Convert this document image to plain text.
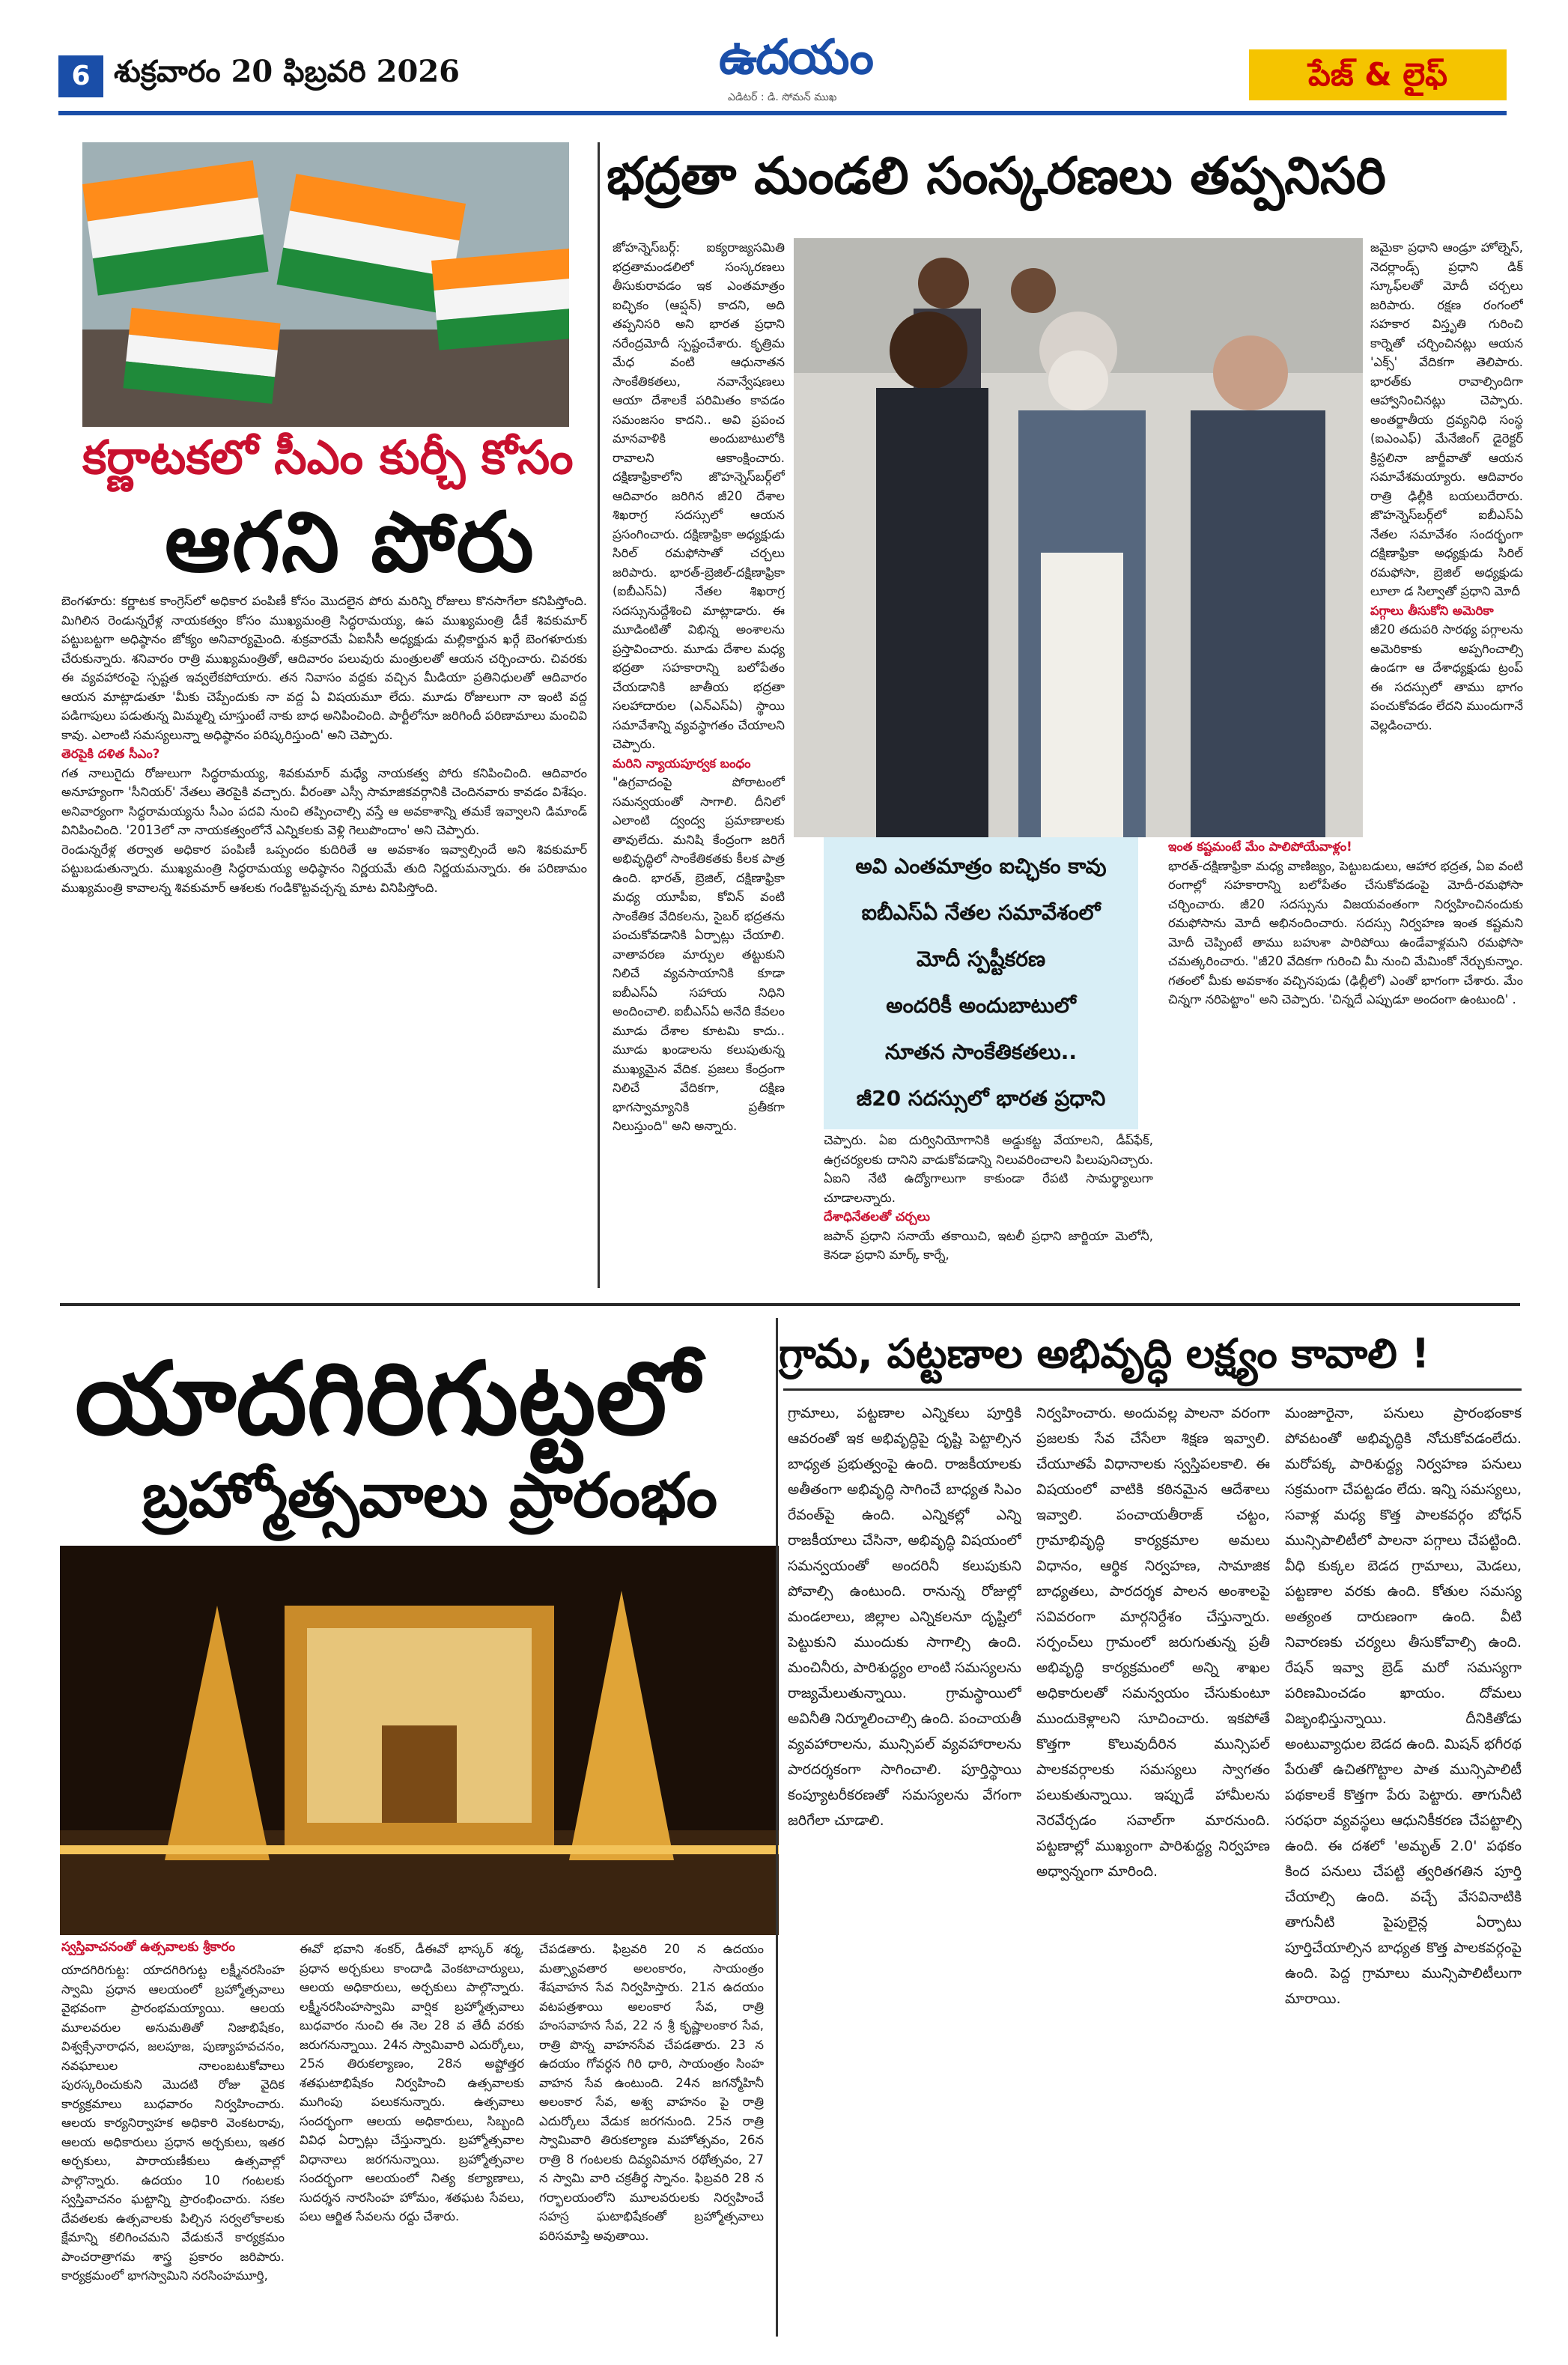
6 శుక్రవారం 20 ఫిబ్రవరి 2026	ఉదయం
ఎడిటర్ : డి. సోమన్ ముఖ
పేజ్ & లైఫ్
కర్ణాటకలో సీఎం కుర్చీ కోసం
ఆగని పోరు
బెంగళూరు: కర్ణాటక కాంగ్రెస్‌లో అధికార పంపిణీ కోసం మొదలైన పోరు మరిన్ని రోజులు కొనసాగేలా కనిపిస్తోంది. మిగిలిన రెండున్నరేళ్ల నాయకత్వం కోసం ముఖ్యమంత్రి సిద్ధరామయ్య, ఉప ముఖ్యమంత్రి డీకే శివకుమార్ పట్టుబట్టగా అధిష్ఠానం జోక్యం అనివార్యమైంది. శుక్రవారమే ఏఐసీసీ అధ్యక్షుడు మల్లికార్జున ఖర్గే బెంగళూరుకు చేరుకున్నారు. శనివారం రాత్రి ముఖ్యమంత్రితో, ఆదివారం పలువురు మంత్రులతో ఆయన చర్చించారు. చివరకు ఈ వ్యవహారంపై స్పష్టత ఇవ్వలేకపోయారు. తన నివాసం వద్దకు వచ్చిన మీడియా ప్రతినిధులతో ఆదివారం ఆయన మాట్లాడుతూ 'మీకు చెప్పేందుకు నా వద్ద ఏ విషయమూ లేదు. మూడు రోజులుగా నా ఇంటి వద్ద పడిగాపులు పడుతున్న మిమ్మల్ని చూస్తుంటే నాకు బాధ అనిపించింది. పార్టీలోనూ జరిగిందీ పరిణామాలు మంచివి కావు. ఎలాంటి సమస్యలున్నా అధిష్ఠానం పరిష్కరిస్తుంది' అని చెప్పారు.
తెరపైకి దళిత సీఎం?
గత నాలుగైదు రోజులుగా సిద్ధరామయ్య, శివకుమార్ మధ్యే నాయకత్వ పోరు కనిపించింది. ఆదివారం అనూహ్యంగా 'సీనియర్' నేతలు తెరపైకి వచ్చారు. వీరంతా ఎస్సీ సామాజికవర్గానికి చెందినవారు కావడం విశేషం. అనివార్యంగా సిద్ధరామయ్యను సీఎం పదవి నుంచి తప్పించాల్సి వస్తే ఆ అవకాశాన్ని తమకే ఇవ్వాలని డిమాండ్ వినిపించింది. '2013లో నా నాయకత్వంలోనే ఎన్నికలకు వెళ్లి గెలుపొందాం' అని చెప్పారు.
రెండున్నరేళ్ల తర్వాత అధికార పంపిణీ ఒప్పందం కుదిరితే ఆ అవకాశం ఇవ్వాల్సిందే అని శివకుమార్ పట్టుబడుతున్నారు. ముఖ్యమంత్రి సిద్ధరామయ్య అధిష్ఠానం నిర్ణయమే తుది నిర్ణయమన్నారు. ఈ పరిణామం ముఖ్యమంత్రి కావాలన్న శివకుమార్ ఆశలకు గండికొట్టవచ్చన్న మాట వినిపిస్తోంది.
భద్రతా మండలి సంస్కరణలు తప్పనిసరి
జోహన్నెస్‌బర్గ్: ఐక్యరాజ్యసమితి భద్రతామండలిలో సంస్కరణలు తీసుకురావడం ఇక ఎంతమాత్రం ఐచ్ఛికం (ఆప్షన్) కాదని, అది తప్పనిసరి అని భారత ప్రధాని నరేంద్రమోదీ స్పష్టంచేశారు. కృత్రిమ మేధ వంటి ఆధునాతన సాంకేతికతలు, నవాన్వేషణలు ఆయా దేశాలకే పరిమితం కావడం సమంజసం కాదని.. అవి ప్రపంచ మానవాళికి అందుబాటులోకి రావాలని ఆకాంక్షించారు. దక్షిణాఫ్రికాలోని జొహన్నెస్‌బర్గ్‌లో ఆదివారం జరిగిన జీ20 దేశాల శిఖరాగ్ర సదస్సులో ఆయన ప్రసంగించారు. దక్షిణాఫ్రికా అధ్యక్షుడు సిరిల్ రమఫోసాతో చర్చలు జరిపారు. భారత్-బ్రెజిల్-దక్షిణాఫ్రికా (ఐబీఎస్ఏ) నేతల శిఖరాగ్ర సదస్సునుద్దేశించి మాట్లాడారు. ఈ మూడింటితో విభిన్న అంశాలను ప్రస్తావించారు. మూడు దేశాల మధ్య భద్రతా సహకారాన్ని బలోపేతం చేయడానికి జాతీయ భద్రతా సలహాదారుల (ఎన్ఎస్ఏ) స్థాయి సమావేశాన్ని వ్యవస్థాగతం చేయాలని చెప్పారు.
మరిని న్యాయపూర్వక బంధం
"ఉగ్రవాదంపై పోరాటంలో సమన్వయంతో సాగాలి. దీనిలో ఎలాంటి ద్వంద్వ ప్రమాణాలకు తావులేదు. మనిషి కేంద్రంగా జరిగే అభివృద్ధిలో సాంకేతికతకు కీలక పాత్ర ఉంది. భారత్, బ్రెజిల్, దక్షిణాఫ్రికా మధ్య యూపీఐ, కోవిన్ వంటి సాంకేతిక వేదికలను, సైబర్ భద్రతను పంచుకోవడానికి ఏర్పాట్లు చేయాలి. వాతావరణ మార్పుల తట్టుకుని నిలిచే వ్యవసాయానికి కూడా ఐబీఎస్ఏ సహాయ నిధిని అందించాలి. ఐబీఎస్ఏ అనేది కేవలం మూడు దేశాల కూటమి కాదు.. మూడు ఖండాలను కలుపుతున్న ముఖ్యమైన వేదిక. ప్రజలు కేంద్రంగా నిలిచే వేదికగా, దక్షిణ భాగస్వామ్యానికి ప్రతీకగా నిలుస్తుంది" అని అన్నారు.
ఇంత కష్టమంటే మేం పాలిపోయేవాళ్లం!
భారత్-దక్షిణాఫ్రికా మధ్య వాణిజ్యం, పెట్టుబడులు, ఆహార భద్రత, ఏఐ వంటి రంగాల్లో సహకారాన్ని బలోపేతం చేసుకోవడంపై మోదీ-రమఫోసా చర్చించారు. జీ20 సదస్సును విజయవంతంగా నిర్వహించినందుకు రమఫోసాను మోదీ అభినందించారు. సదస్సు నిర్వహణ ఇంత కష్టమని మోదీ చెప్పింటే తాము బహుశా పారిపోయి ఉండేవాళ్లమని రమఫోసా చమత్కరించారు. "జీ20 వేదికగా గురించి మీ నుంచి మేమింకో నేర్చుకున్నాం. గతంలో మీకు అవకాశం వచ్చినపుడు (ఢిల్లీలో) ఎంతో భాగంగా చేశారు. మేం చిన్నగా నరిపెట్టాం" అని చెప్పారు. 'చిన్నదే ఎప్పుడూ అందంగా ఉంటుంది' .
జమైకా ప్రధాని ఆండ్రూ హోల్నెస్, నెదర్లాండ్స్ ప్రధాని డిక్ స్కూఫ్‌లతో మోదీ చర్చలు జరిపారు. రక్షణ రంగంలో సహకార విస్తృతి గురించి కార్నెతో చర్చించినట్లు ఆయన 'ఎక్స్' వేదికగా తెలిపారు. భారత్‌కు రావాల్సిందిగా ఆహ్వానించినట్లు చెప్పారు. అంతర్జాతీయ ద్రవ్యనిధి సంస్థ (ఐఎంఎఫ్) మేనేజింగ్ డైరెక్టర్ క్రిస్టలినా జార్జీవాతో ఆయన సమావేశమయ్యారు. ఆదివారం రాత్రి ఢిల్లీకి బయలుదేరారు. జొహన్నెస్‌బర్గ్‌లో ఐబీఎస్ఏ నేతల సమావేశం సందర్భంగా దక్షిణాఫ్రికా అధ్యక్షుడు సిరిల్ రమఫోసా, బ్రెజిల్ అధ్యక్షుడు లూలా డ సిల్వాతో ప్రధాని మోదీ
పగ్గాలు తీసుకోని అమెరికా
జీ20 తదుపరి సారథ్య పగ్గాలను అమెరికాకు అప్పగించాల్సి ఉండగా ఆ దేశాధ్యక్షుడు ట్రంప్ ఈ సదస్సులో తాము భాగం పంచుకోవడం లేదని ముందుగానే వెల్లడించారు.
అవి ఎంతమాత్రం ఐచ్ఛికం కావు
ఐబీఎస్ఏ నేతల సమావేశంలో
మోదీ స్పష్టీకరణ
అందరికీ అందుబాటులో
నూతన సాంకేతికతలు..
జీ20 సదస్సులో భారత ప్రధాని
చెప్పారు. ఏఐ దుర్వినియోగానికి అడ్డుకట్ట వేయాలని, డీప్‌ఫేక్, ఉగ్రచర్యలకు దానిని వాడుకోవడాన్ని నిలువరించాలని పిలుపునిచ్చారు. ఏఐని నేటి ఉద్యోగాలుగా కాకుండా రేపటి సామర్థ్యాలుగా చూడాలన్నారు.
దేశాధినేతలతో చర్చలు
జపాన్ ప్రధాని సనాయే తకాయిచి, ఇటలీ ప్రధాని జార్జియా మెలోనీ, కెనడా ప్రధాని మార్క్ కార్నే,
యాదగిరిగుట్టలో
బ్రహ్మోత్సవాలు ప్రారంభం
స్వస్తివాచనంతో ఉత్సవాలకు శ్రీకారం
యాదగిరిగుట్ట: యాదగిరిగుట్ట లక్ష్మీనరసింహ స్వామి ప్రధాన ఆలయంలో బ్రహ్మోత్సవాలు వైభవంగా ప్రారంభమయ్యాయి. ఆలయ మూలవరుల అనుమతితో నిజాభిషేకం, విశ్వక్సేనారాధన, జలపూజ, పుణ్యాహవచనం, నవఘాలుల నాలంబటుకోవాలు పురస్కరించుకుని మొదటి రోజు వైదిక కార్యక్రమాలు బుధవారం నిర్వహించారు. ఆలయ కార్యనిర్వాహక అధికారి వెంకటరావు, ఆలయ అధికారులు ప్రధాన అర్చకులు, ఇతర అర్చకులు, పారాయణీకులు ఉత్సవాల్లో పాల్గొన్నారు. ఉదయం 10 గంటలకు స్వస్తివాచనం ఘట్టాన్ని ప్రారంభించారు. సకల దేవతలకు ఉత్సవాలకు పిల్చిన సర్వలోకాలకు క్షేమాన్ని కలిగించమని వేడుకునే కార్యక్రమం పాంచరాత్రాగమ శాస్త్ర ప్రకారం జరిపారు. కార్యక్రమంలో భాగస్వామిని నరసింహమూర్తి,
ఈవో భవాని శంకర్, డీఈవో భాస్కర్ శర్మ, ప్రధాన అర్చకులు కాందాడి వెంకటాచార్యులు, ఆలయ అధికారులు, అర్చకులు పాల్గొన్నారు. లక్ష్మీనరసింహస్వామి వార్షిక బ్రహ్మోత్సవాలు బుధవారం నుంచి ఈ నెల 28 వ తేదీ వరకు జరుగనున్నాయి. 24న స్వామివారి ఎదుర్కోలు, 25న తిరుకల్యాణం, 28న అష్టోత్తర శతఘటాభిషేకం నిర్వహించి ఉత్సవాలకు ముగింపు పలుకనున్నారు. ఉత్సవాలు సందర్భంగా ఆలయ అధికారులు, సిబ్బంది వివిధ ఏర్పాట్లు చేస్తున్నారు. బ్రహ్మోత్సవాల విధానాలు జరగనున్నాయి. బ్రహ్మోత్సవాల సందర్భంగా ఆలయంలో నిత్య కల్యాణాలు, సుదర్శన నారసింహ హోమం, శతఘట సేవలు, పలు ఆర్జిత సేవలను రద్దు చేశారు.
చేపడతారు. ఫిబ్రవరి 20 న ఉదయం మత్స్యావతార అలంకారం, సాయంత్రం శేషవాహన సేవ నిర్వహిస్తారు. 21న ఉదయం వటపత్రశాయి అలంకార సేవ, రాత్రి హంసవాహన సేవ, 22 న శ్రీ కృష్ణాలంకార సేవ, రాత్రి పొన్న వాహనసేవ చేపడతారు. 23 న ఉదయం గోవర్ధన గిరి ధారి, సాయంత్రం సింహ వాహన సేవ ఉంటుంది. 24న జగన్మోహినీ అలంకార సేవ, అశ్వ వాహనం పై రాత్రి ఎదుర్కోలు వేడుక జరగనుంది. 25న రాత్రి స్వామివారి తిరుకల్యాణ మహోత్సవం, 26న రాత్రి 8 గంటలకు దివ్యవిమాన రథోత్సవం, 27 న స్వామి వారి చక్రతీర్థ స్నానం. ఫిబ్రవరి 28 న గర్భాలయంలోని మూలవరులకు నిర్వహించే సహస్ర ఘటాభిషేకంతో బ్రహ్మోత్సవాలు పరిసమాప్తి అవుతాయి.
గ్రామ, పట్టణాల అభివృద్ధి లక్ష్యం కావాలి !
గ్రామాలు, పట్టణాల ఎన్నికలు పూర్తికి ఆవరంతో ఇక అభివృద్ధిపై దృష్టి పెట్టాల్సిన బాధ్యత ప్రభుత్వంపై ఉంది. రాజకీయాలకు అతీతంగా అభివృద్ధి సాగించే బాధ్యత సిఎం రేవంత్‌పై ఉంది. ఎన్నికల్లో ఎన్ని రాజకీయాలు చేసినా, అభివృద్ధి విషయంలో సమన్వయంతో అందరినీ కలుపుకుని పోవాల్సి ఉంటుంది. రానున్న రోజుల్లో మండలాలు, జిల్లాల ఎన్నికలనూ దృష్టిలో పెట్టుకుని ముందుకు సాగాల్సి ఉంది. మంచినీరు, పారిశుద్ధ్యం లాంటి సమస్యలను రాజ్యమేలుతున్నాయి. గ్రామస్థాయిలో అవినీతి నిర్మూలించాల్సి ఉంది. పంచాయతీ వ్యవహారాలను, మున్సిపల్ వ్యవహారాలను పారదర్శకంగా సాగించాలి. పూర్తిస్థాయి కంప్యూటరీకరణతో సమస్యలను వేగంగా జరిగేలా చూడాలి.
నిర్వహించారు. అందువల్ల పాలనా వరంగా ప్రజలకు సేవ చేసేలా శిక్షణ ఇవ్వాలి. చేయూతపే విధానాలకు స్వస్తిపలకాలి. ఈ విషయంలో వాటికి కఠినమైన ఆదేశాలు ఇవ్వాలి. పంచాయతీరాజ్ చట్టం, గ్రామాభివృద్ధి కార్యక్రమాల అమలు విధానం, ఆర్థిక నిర్వహణ, సామాజిక బాధ్యతలు, పారదర్శక పాలన అంశాలపై సవివరంగా మార్గనిర్దేశం చేస్తున్నారు. సర్పంచ్‌లు గ్రామంలో జరుగుతున్న ప్రతీ అభివృద్ధి కార్యక్రమంలో అన్ని శాఖల అధికారులతో సమన్వయం చేసుకుంటూ ముందుకెళ్లాలని సూచించారు. ఇకపోతే కొత్తగా కొలువుదీరిన మున్సిపల్ పాలకవర్గాలకు సమస్యలు స్వాగతం పలుకుతున్నాయి. ఇప్పుడే హామీలను నెరవేర్చడం సవాల్‌గా మారనుంది. పట్టణాల్లో ముఖ్యంగా పారిశుద్ధ్య నిర్వహణ అధ్వాన్నంగా మారింది.
మంజూరైనా, పనులు ప్రారంభంకాక పోవటంతో అభివృద్ధికి నోచుకోవడంలేదు. మరోపక్క పారిశుద్ధ్య నిర్వహణ పనులు సక్రమంగా చేపట్టడం లేదు. ఇన్ని సమస్యలు, సవాళ్ల మధ్య కొత్త పాలకవర్గం బోధన్ మున్సిపాలిటీలో పాలనా పగ్గాలు చేపట్టింది. వీధి కుక్కల బెడద గ్రామాలు, మెడలు, పట్టణాల వరకు ఉంది. కోతుల సమస్య అత్యంత దారుణంగా ఉంది. వీటి నివారణకు చర్యలు తీసుకోవాల్సి ఉంది. రేషన్ ఇవ్వా బ్రెడ్ మరో సమస్యగా పరిణమించడం ఖాయం. దోమలు విజృంభిస్తున్నాయి. దీనికితోడు అంటువ్యాధుల బెడద ఉంది. మిషన్ భగీరథ పేరుతో ఉచితగొట్టాల పాత మున్సిపాలిటీ పథకాలకే కొత్తగా పేరు పెట్టారు. తాగునీటి సరఫరా వ్యవస్థలు ఆధునికీకరణ చేపట్టాల్సి ఉంది. ఈ దశలో 'అమృత్ 2.0' పథకం కింద పనులు చేపట్టి త్వరితగతిన పూర్తి చేయాల్సి ఉంది. వచ్చే వేసవినాటికి తాగునీటి పైపులైన్ల ఏర్పాటు పూర్తిచేయాల్సిన బాధ్యత కొత్త పాలకవర్గంపై ఉంది. పెద్ద గ్రామాలు మున్సిపాలిటీలుగా మారాయి.
